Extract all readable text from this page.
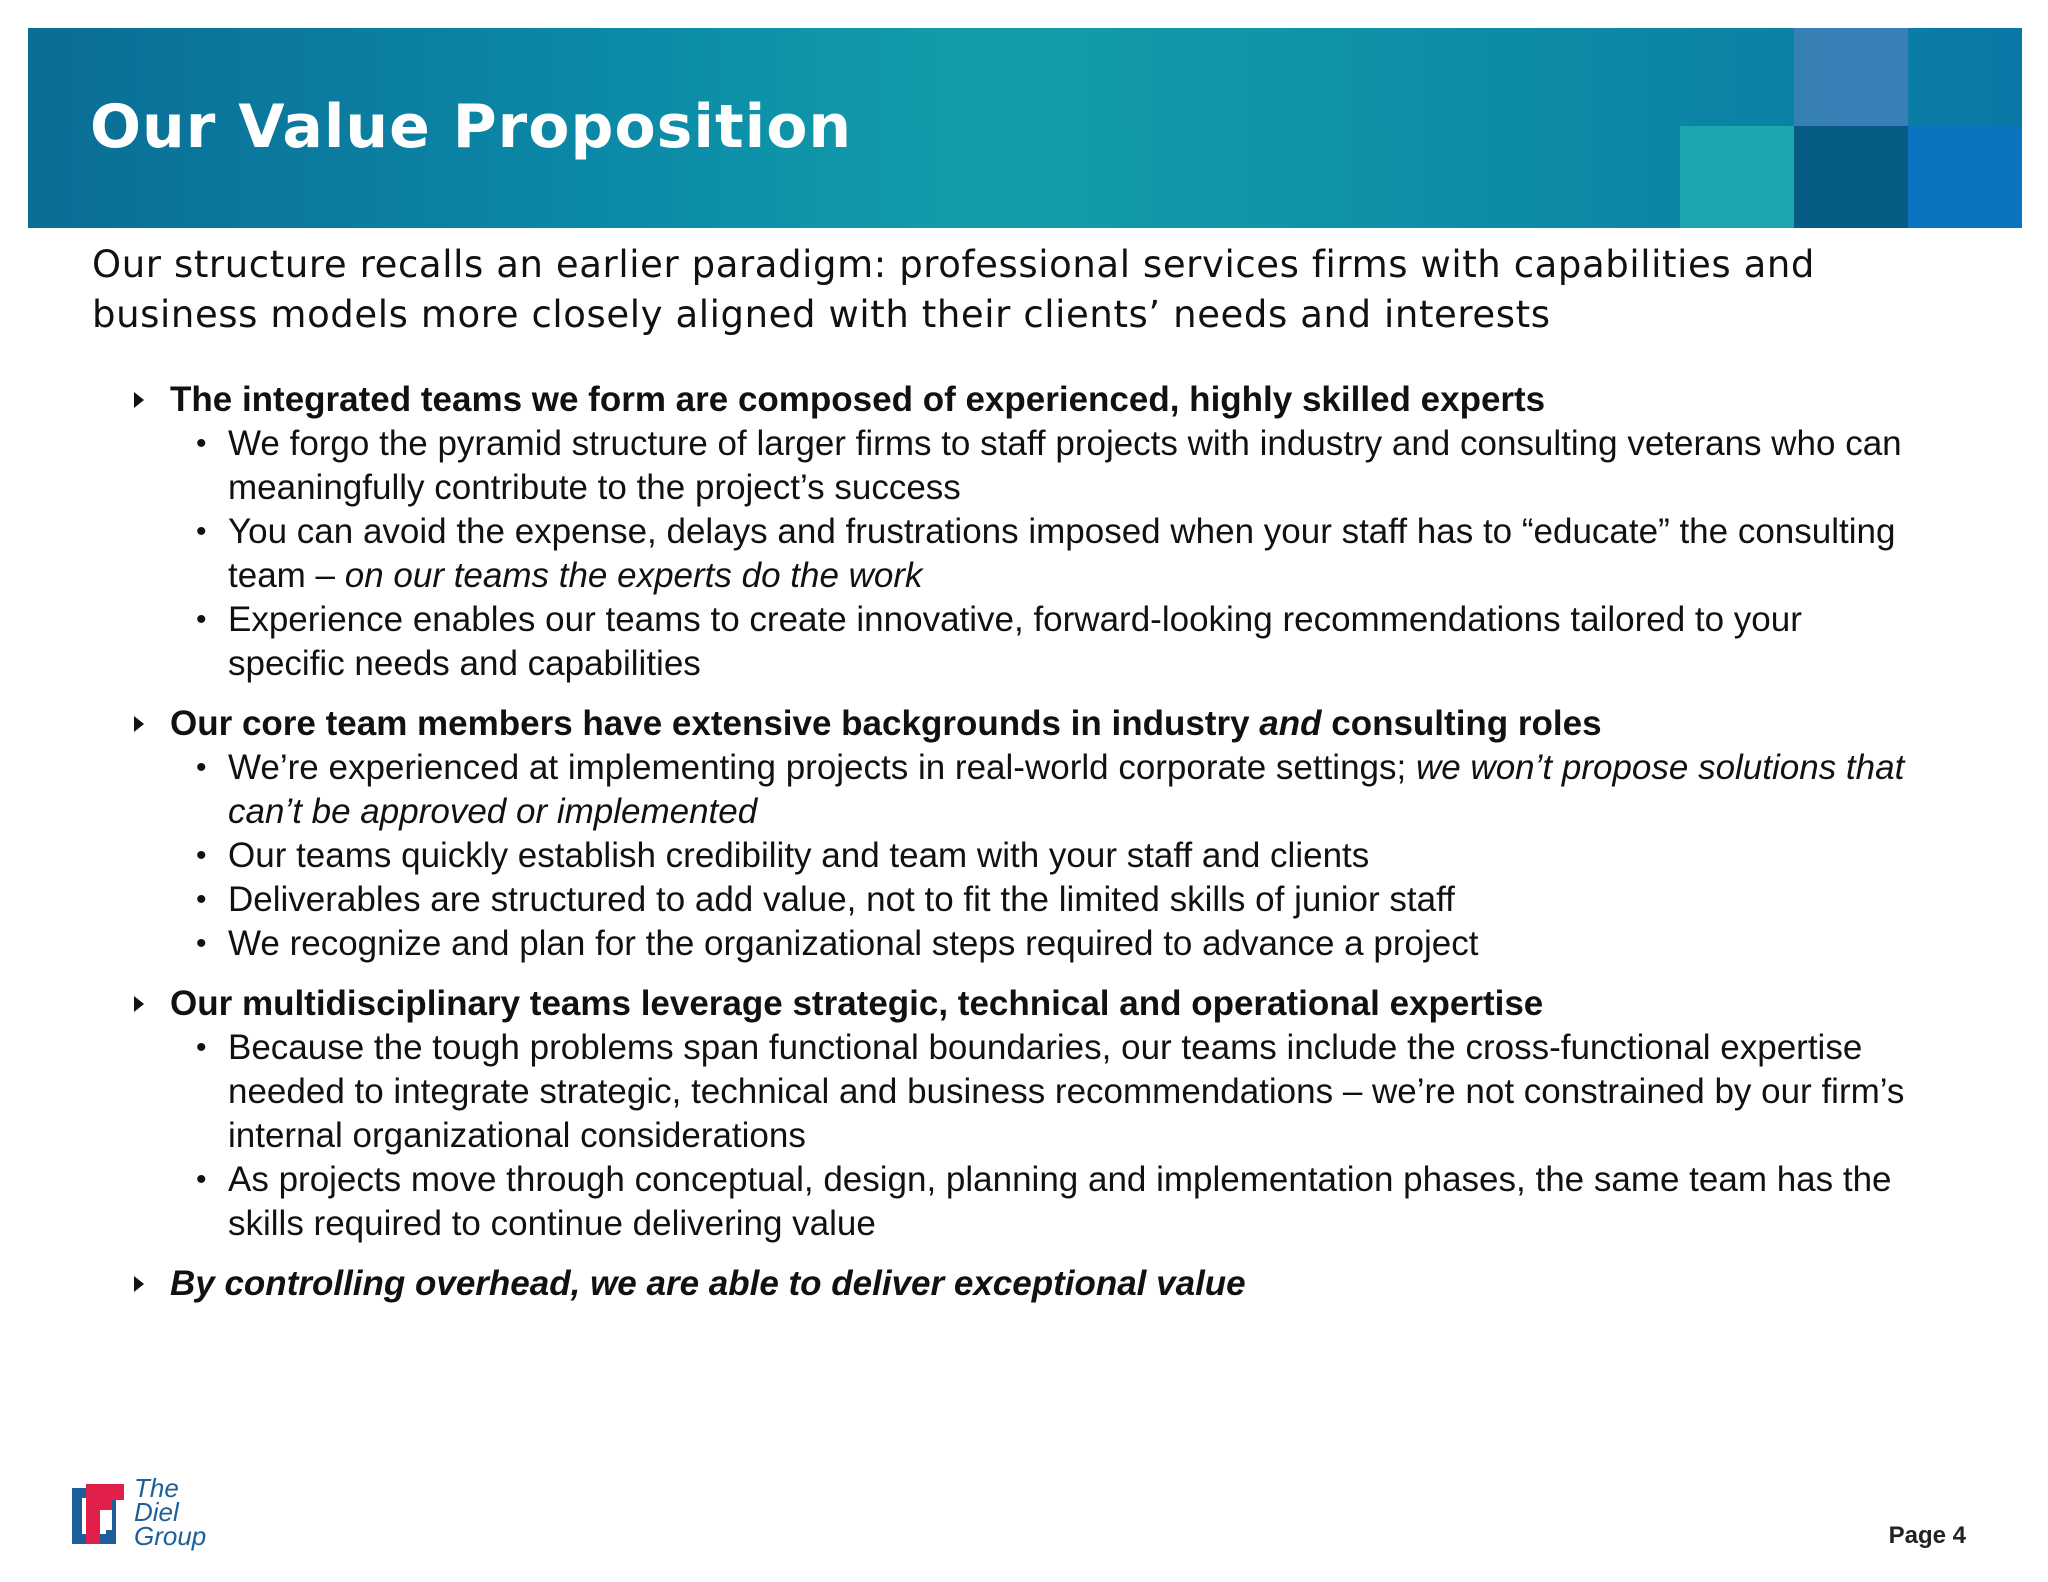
Our Value Proposition
Our structure recalls an earlier paradigm: professional services firms with capabilities and business models more closely aligned with their clients’ needs and interests
The integrated teams we form are composed of experienced, highly skilled experts
• We forgo the pyramid structure of larger firms to staff projects with industry and consulting veterans who can meaningfully contribute to the project’s success
• You can avoid the expense, delays and frustrations imposed when your staff has to “educate” the consulting team – on our teams the experts do the work
• Experience enables our teams to create innovative, forward-looking recommendations tailored to your specific needs and capabilities
Our core team members have extensive backgrounds in industry and consulting roles
• We’re experienced at implementing projects in real-world corporate settings; we won’t propose solutions that can’t be approved or implemented
• Our teams quickly establish credibility and team with your staff and clients
• Deliverables are structured to add value, not to fit the limited skills of junior staff
• We recognize and plan for the organizational steps required to advance a project
Our multidisciplinary teams leverage strategic, technical and operational expertise
• Because the tough problems span functional boundaries, our teams include the cross-functional expertise needed to integrate strategic, technical and business recommendations – we’re not constrained by our firm’s internal organizational considerations
• As projects move through conceptual, design, planning and implementation phases, the same team has the skills required to continue delivering value
By controlling overhead, we are able to deliver exceptional value
The
Diel
Group	Page 4
